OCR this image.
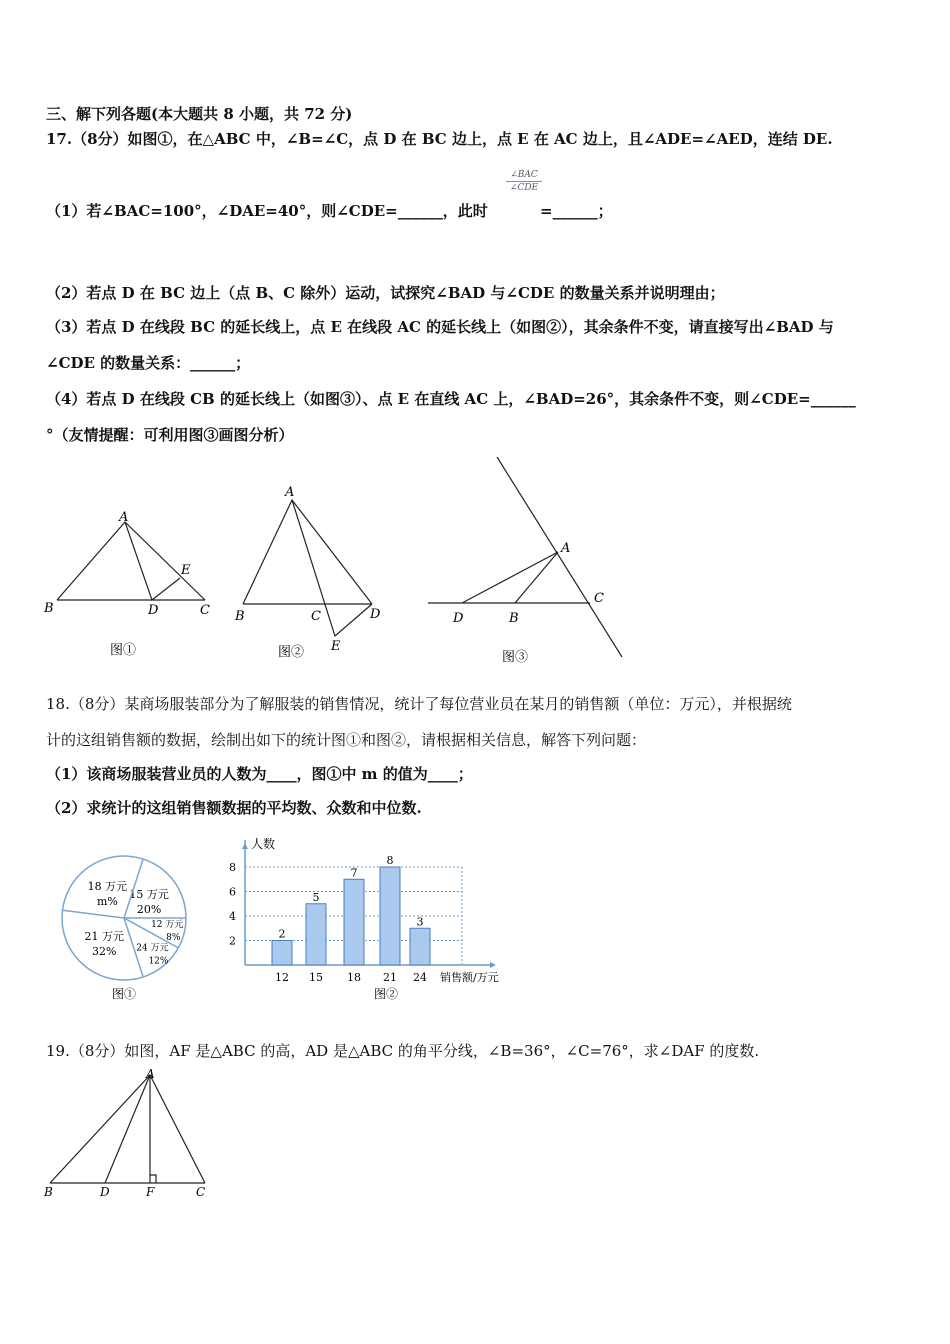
三、解下列各题(本大题共 8 小题，共 72 分)
17.（8分）如图①，在△ABC 中，∠B=∠C，点 D 在 BC 边上，点 E 在 AC 边上，且∠ADE=∠AED，连结 DE.
∠BAC
∠CDE
（1）若∠BAC=100°，∠DAE=40°，则∠CDE=______，此时	=______；
（2）若点 D 在 BC 边上（点 B、C 除外）运动，试探究∠BAD 与∠CDE 的数量关系并说明理由；
（3）若点 D 在线段 BC 的延长线上，点 E 在线段 AC 的延长线上（如图②），其余条件不变，请直接写出∠BAD 与
∠CDE 的数量关系：______；
（4）若点 D 在线段 CB 的延长线上（如图③）、点 E 在直线 AC 上，∠BAD=26°，其余条件不变，则∠CDE=______
°（友情提醒：可利用图③画图分析）
A
B	C
D
E
图①
A
B	C	D
E
图②
A
B
C
D
图③
18.（8分）某商场服装部分为了解服装的销售情况，统计了每位营业员在某月的销售额（单位：万元），并根据统
计的这组销售额的数据，绘制出如下的统计图①和图②，请根据相关信息，解答下列问题：
（1）该商场服装营业员的人数为____，图①中 m 的值为____；
（2）求统计的这组销售额数据的平均数、众数和中位数.
15 万元
20%
18 万元
m%
21 万元
32% 24 万元
12%
12 万元
8%
图①
2
4
6
8
人数
销售额/万元
2
12
5
15
7
18
8
21
3
24
图②
19.（8分）如图，AF 是△ABC 的高，AD 是△ABC 的角平分线，∠B=36°，∠C=76°，求∠DAF 的度数.
A
B	C
D	F
